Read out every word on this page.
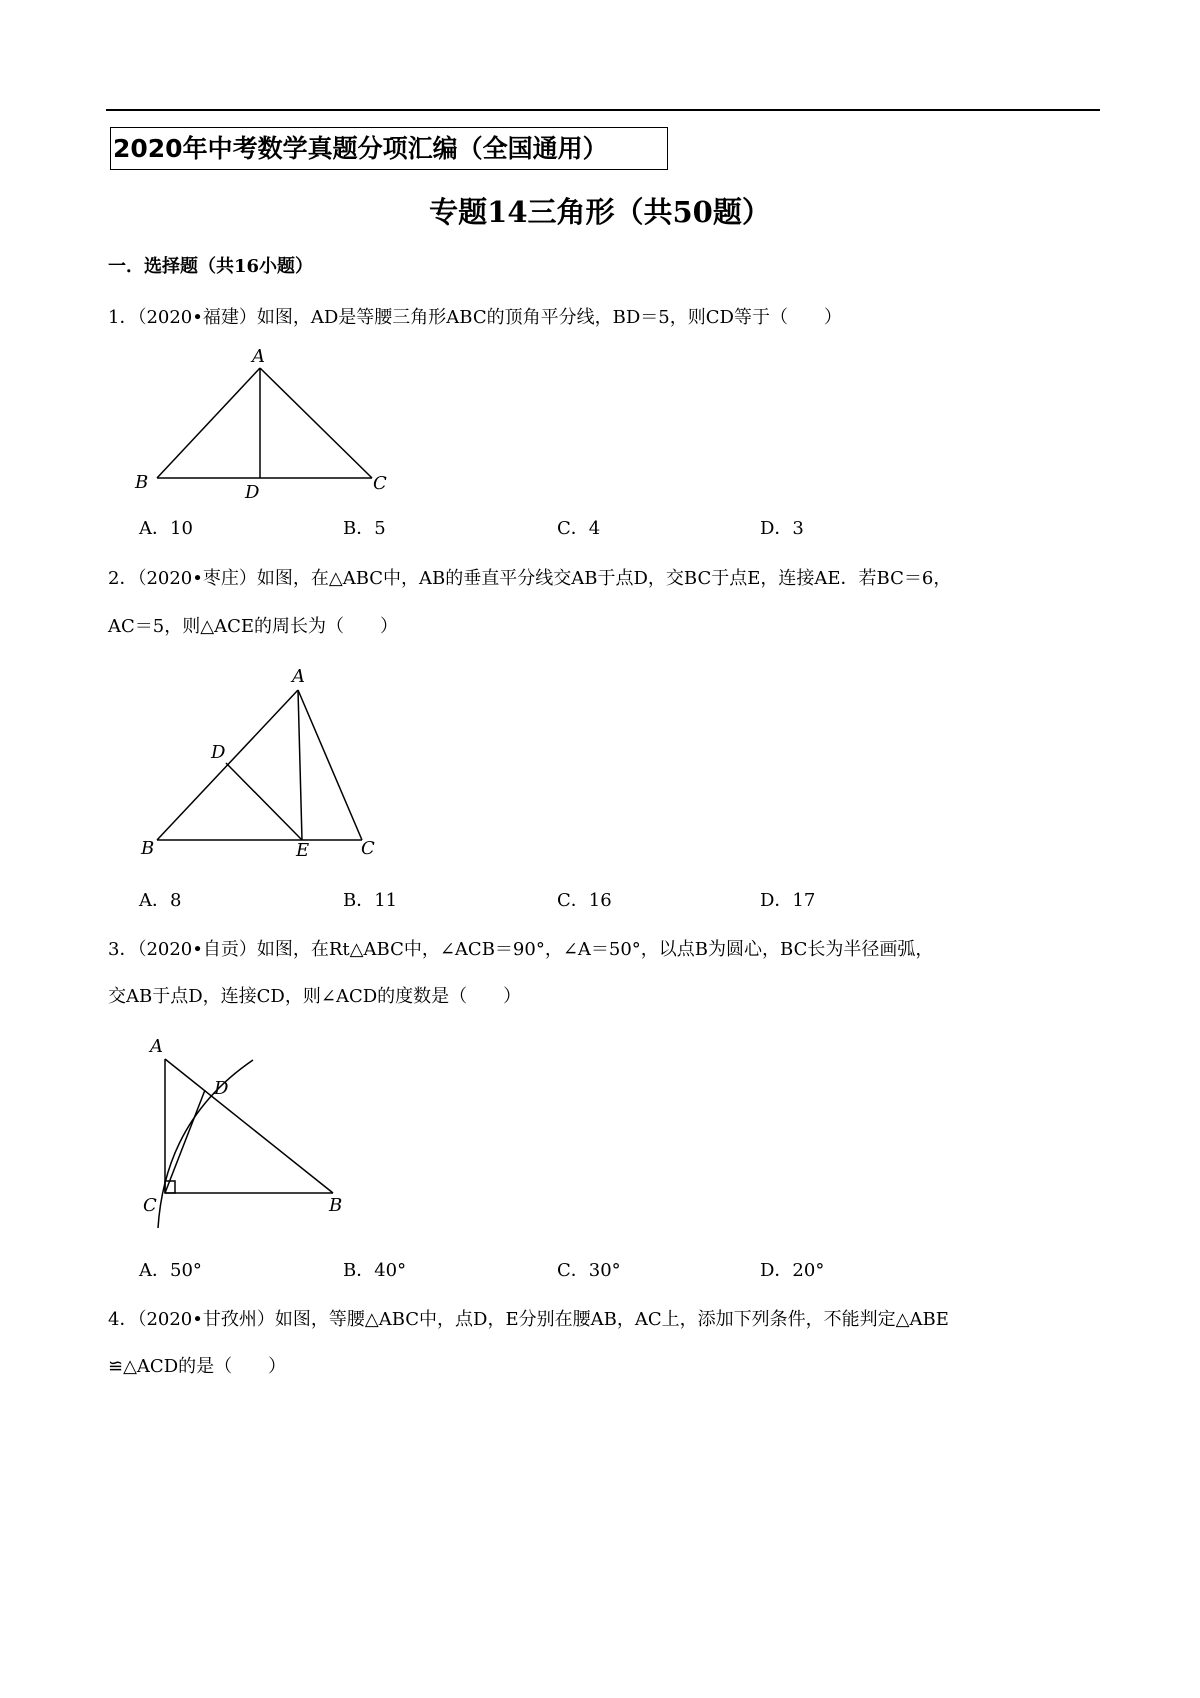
2020年中考数学真题分项汇编（全国通用）
专题14三角形（共50题）
一．选择题（共16小题）
1．（2020•福建）如图，AD是等腰三角形ABC的顶角平分线，BD＝5，则CD等于（　　）
A
B	C
D
A．10	B．5	C．4	D．3
2．（2020•枣庄）如图，在△ABC中，AB的垂直平分线交AB于点D，交BC于点E，连接AE．若BC＝6，
AC＝5，则△ACE的周长为（　　）
A
D
B	E	C
A．8	B．11	C．16	D．17
3．（2020•自贡）如图，在Rt△ABC中，∠ACB＝90°，∠A＝50°，以点B为圆心，BC长为半径画弧，
交AB于点D，连接CD，则∠ACD的度数是（　　）
A
D
C	B
A．50°	B．40°	C．30°	D．20°
4．（2020•甘孜州）如图，等腰△ABC中，点D，E分别在腰AB，AC上，添加下列条件，不能判定△ABE
≌△ACD的是（　　）
